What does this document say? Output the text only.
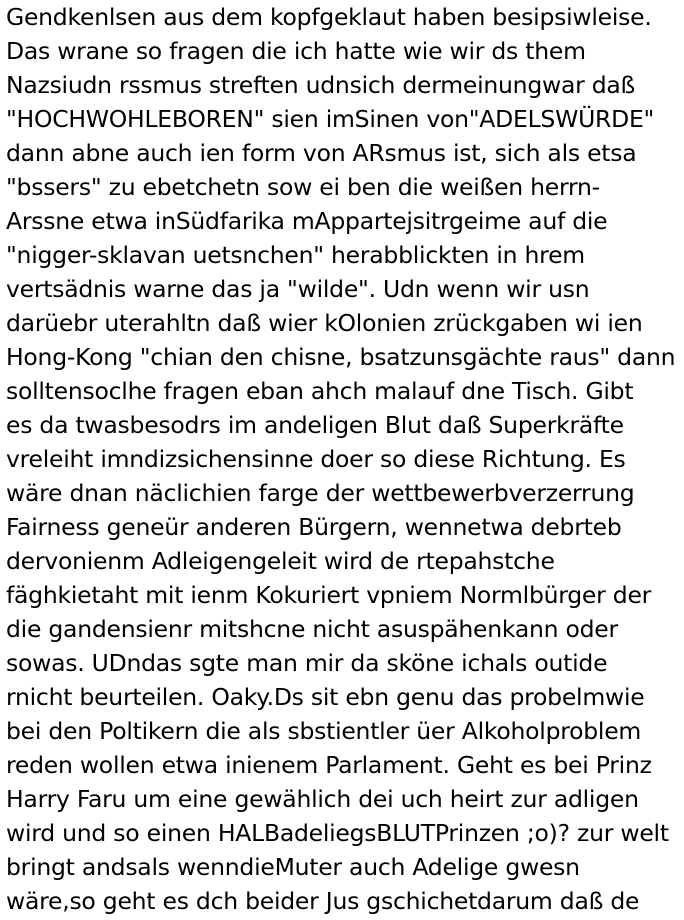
Gendkenlsen aus dem kopfgeklaut haben besipsiwleise.
Das wrane so fragen die ich hatte wie wir ds them
Nazsiudn rssmus streften udnsich dermeinungwar daß
"HOCHWOHLEBOREN" sien imSinen von"ADELSWÜRDE"
dann abne auch ien form von ARsmus ist, sich als etsa
"bssers" zu ebetchetn sow ei ben die weißen herrn-
Arssne etwa inSüdfarika mAppartejsitrgeime auf die
"nigger-sklavan uetsnchen" herabblickten in hrem
vertsädnis warne das ja "wilde". Udn wenn wir usn
darüebr uterahltn daß wier kOlonien zrückgaben wi ien
Hong-Kong "chian den chisne, bsatzunsgächte raus" dann
solltensoclhe fragen eban ahch malauf dne Tisch. Gibt
es da twasbesodrs im andeligen Blut daß Superkräfte
vreleiht imndizsichensinne doer so diese Richtung. Es
wäre dnan näclichien farge der wettbewerbverzerrung
Fairness geneür anderen Bürgern, wennetwa debrteb
dervonienm Adleigengeleit wird de rtepahstche
fäghkietaht mit ienm Kokuriert vpniem Normlbürger der
die gandensienr mitshcne nicht asuspähenkann oder
sowas. UDndas sgte man mir da sköne ichals outide
rnicht beurteilen. Oaky.Ds sit ebn genu das probelmwie
bei den Poltikern die als sbstientler üer Alkoholproblem
reden wollen etwa inienem Parlament. Geht es bei Prinz
Harry Faru um eine gewählich dei uch heirt zur adligen
wird und so einen HALBadeliegsBLUTPrinzen ;o)? zur welt
bringt andsals wenndieMuter auch Adelige gwesn
wäre,so geht es dch beider Jus gschichetdarum daß de
